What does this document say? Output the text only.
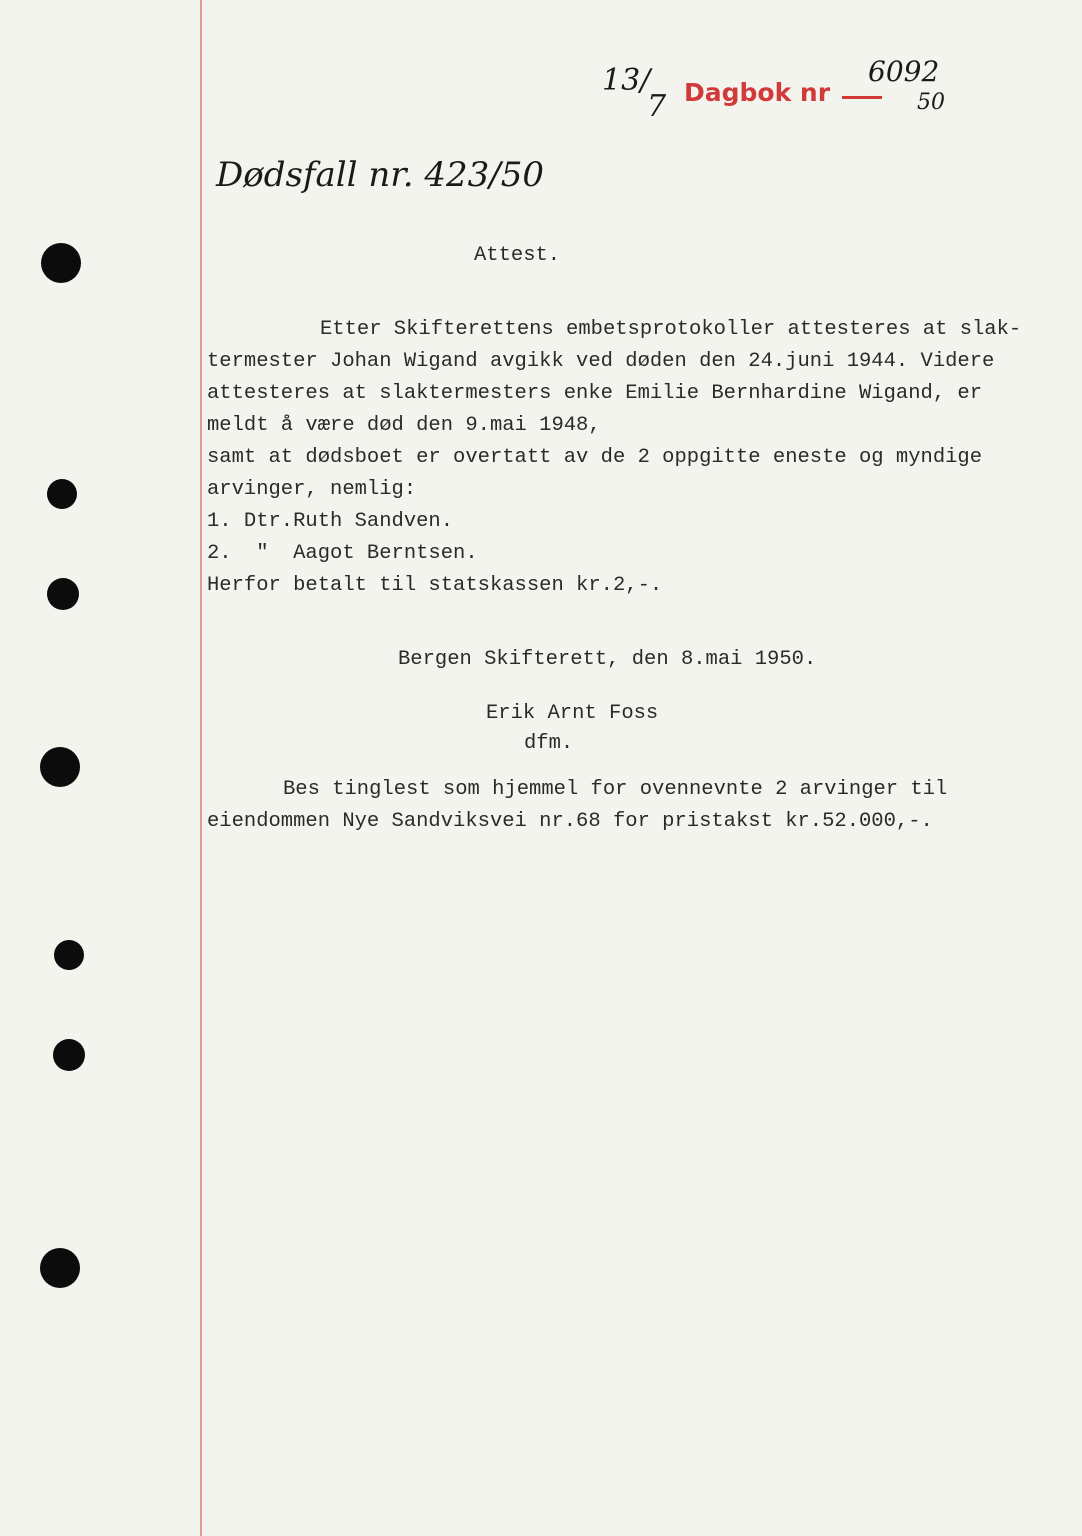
13/
7 Dagbok nr
6092
50
Dødsfall nr. 423/50
Attest.
Etter Skifterettens embetsprotokoller attesteres at slak-
termester Johan Wigand avgikk ved døden den 24.juni 1944. Videre
attesteres at slaktermesters enke Emilie Bernhardine Wigand, er
meldt å være død den 9.mai 1948,
samt at dødsboet er overtatt av de 2 oppgitte eneste og myndige
arvinger, nemlig:
1. Dtr.Ruth Sandven.
2.  "  Aagot Berntsen.
Herfor betalt til statskassen kr.2,-.
Bergen Skifterett, den 8.mai 1950.
Erik Arnt Foss
dfm.
Bes tinglest som hjemmel for ovennevnte 2 arvinger til
eiendommen Nye Sandviksvei nr.68 for pristakst kr.52.000,-.
